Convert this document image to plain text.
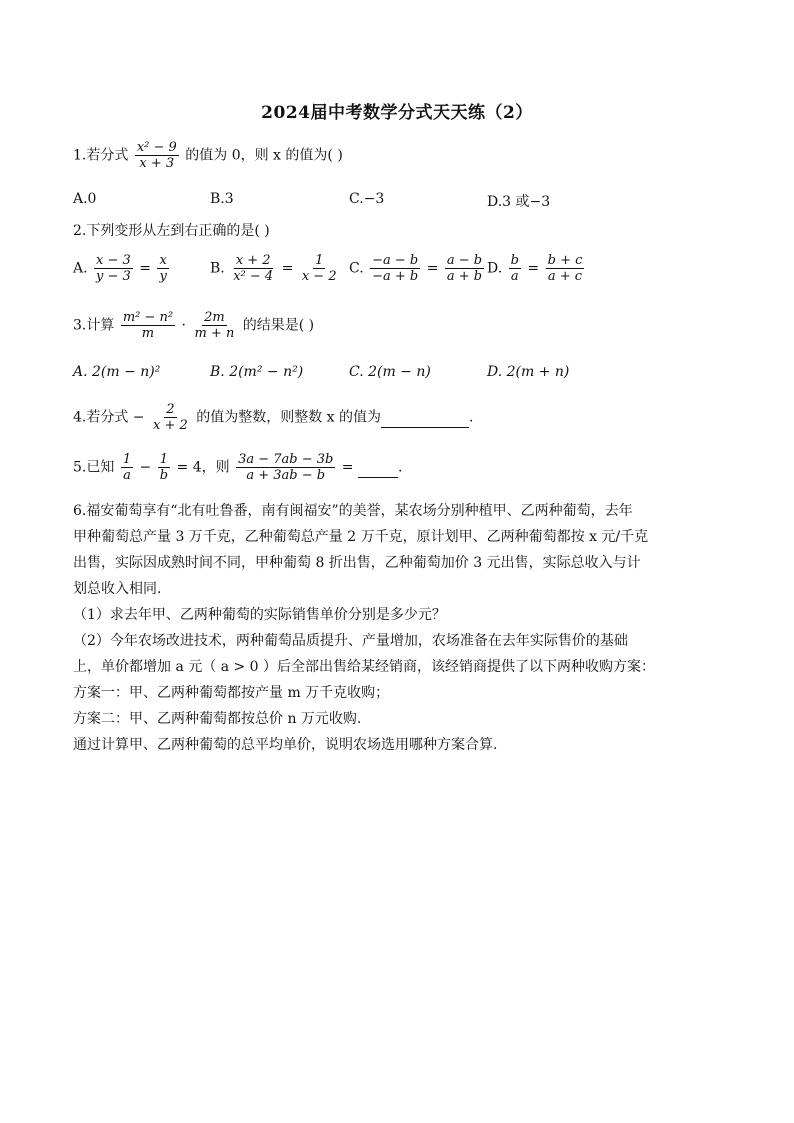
2024届中考数学分式天天练（2）
1.若分式 $\frac{\text{x² − 9}}{x + 3}$ 的值为 0，则 x 的值为( )
A.0	B.3	C.−3	D.3 或−3
2.下列变形从左到右正确的是( )
A. $\frac{x - 3}{y - 3} = \frac{x}{y}$	B. $\frac{x + 2}{\text{x² − 4}} = \frac{1}{x - 2} C$. $\frac{-a - b}{-a + b} = \frac{a - b}{a + b} D$. $\frac{b}{a} = \frac{b + c}{a + c}$
3.计算 $\frac{\text{m² − n²}}{m} \cdot \frac{2m}{m + n}$ 的结果是( )
A. 2(m − n)²	B. 2(m² − n²)	C. 2(m − n)	D. 2(m + n)
4.若分式 − $\frac{2}{x + 2}$ 的值为整数，则整数 x 的值为	.
5.已知 $\frac{1}{a} - \frac{1}{b} = 4$，则 $\frac{3a - 7ab - 3b}{a + 3ab - b}$ =	.

6.福安葡萄享有“北有吐鲁番，南有闽福安”的美誉，某农场分别种植甲、乙两种葡萄，去年

甲种葡萄总产量 3 万千克，乙种葡萄总产量 2 万千克，原计划甲、乙两种葡萄都按 x 元/千克

出售，实际因成熟时间不同，甲种葡萄 8 折出售，乙种葡萄加价 3 元出售，实际总收入与计

划总收入相同.

（1）求去年甲、乙两种葡萄的实际销售单价分别是多少元？

（2）今年农场改进技术，两种葡萄品质提升、产量增加，农场准备在去年实际售价的基础

上，单价都增加 a 元（ a > 0 ）后全部出售给某经销商，该经销商提供了以下两种收购方案：

方案一：甲、乙两种葡萄都按产量 m 万千克收购；

方案二：甲、乙两种葡萄都按总价 n 万元收购.

通过计算甲、乙两种葡萄的总平均单价，说明农场选用哪种方案合算.
